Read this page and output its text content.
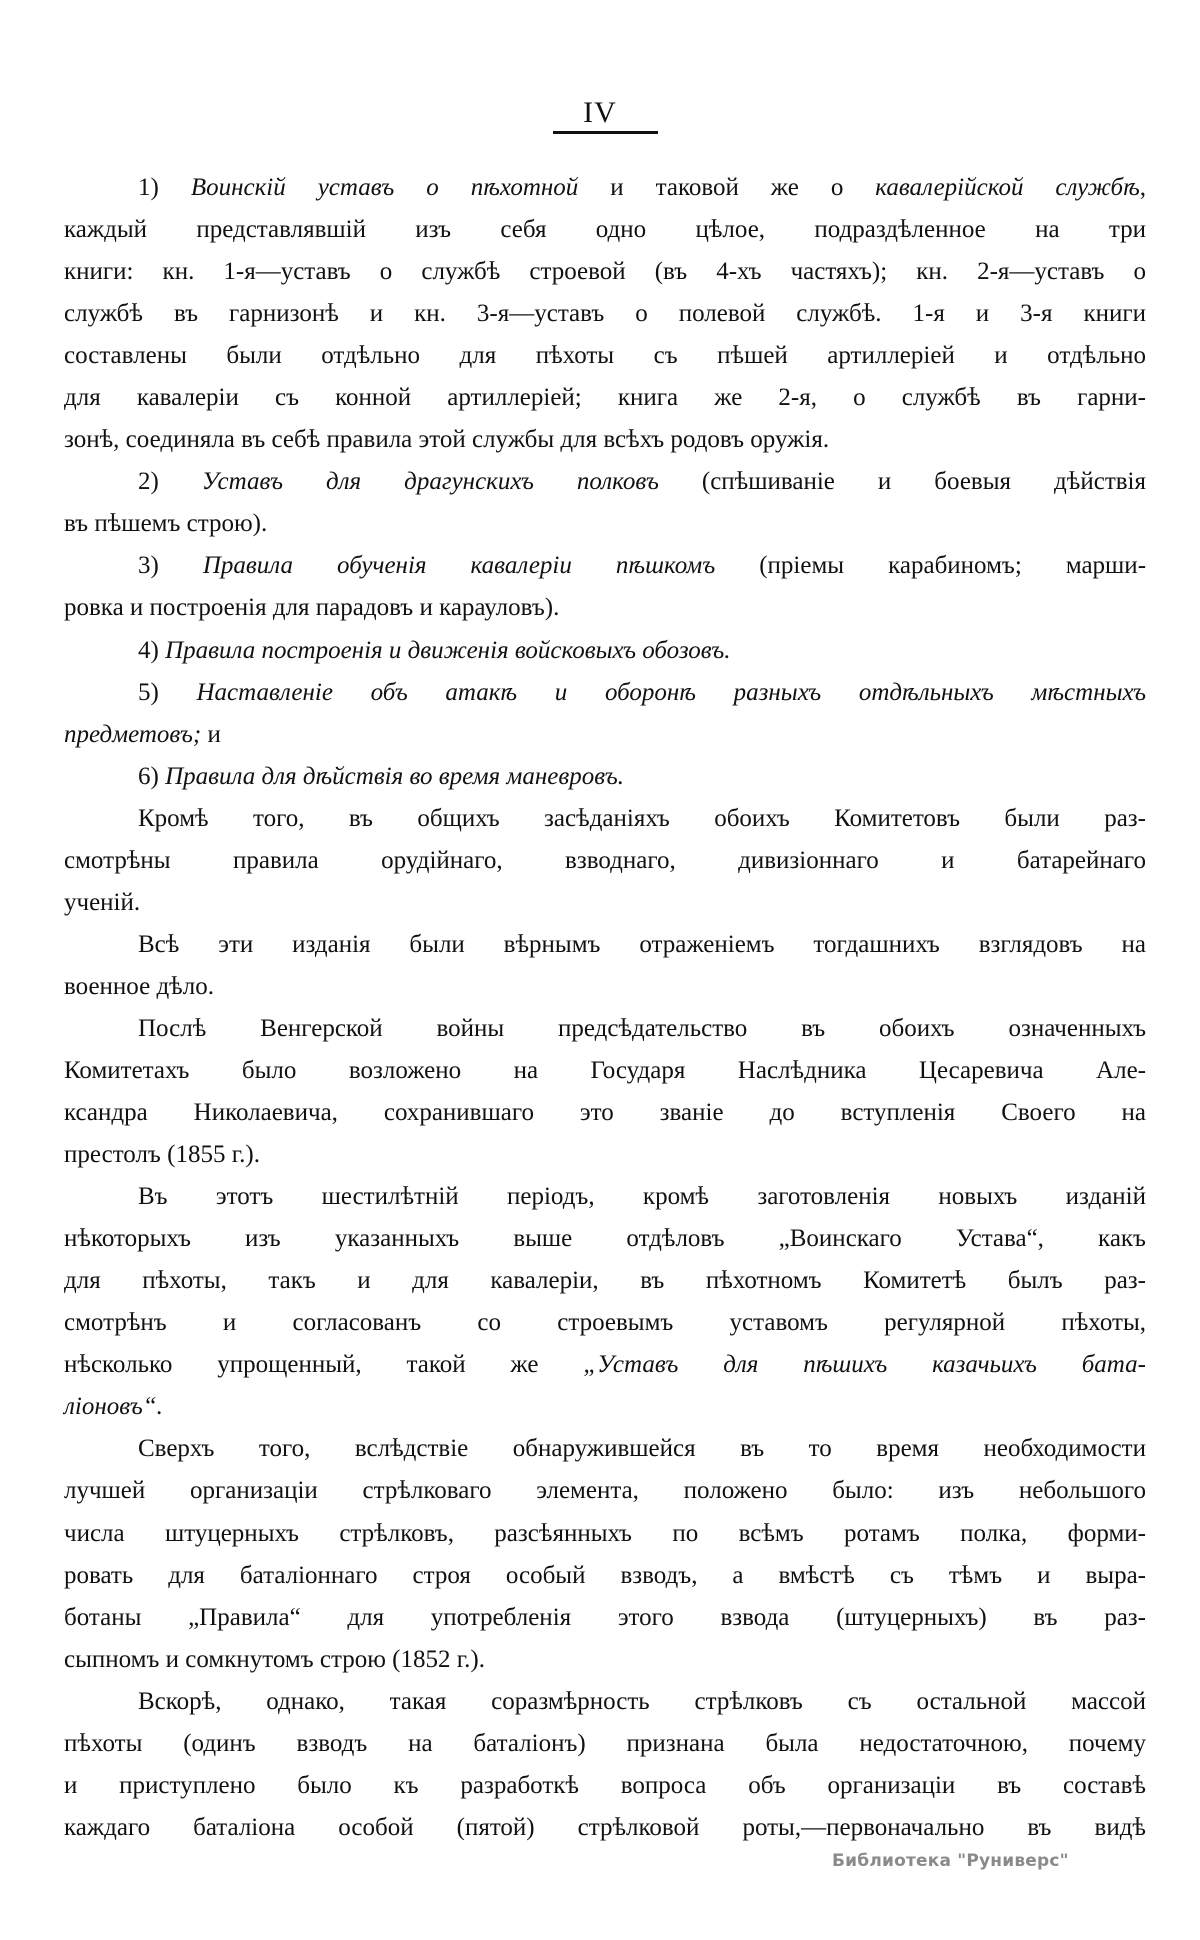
IV
1) Воинскій уставъ о пѣхотной и таковой же о кавалерійской службѣ,
каждый представлявшій изъ себя одно цѣлое, подраздѣленное на три
книги: кн. 1-я—уставъ о службѣ строевой (въ 4-хъ частяхъ); кн. 2-я—уставъ о
службѣ въ гарнизонѣ и кн. 3-я—уставъ о полевой службѣ. 1-я и 3-я книги
составлены были отдѣльно для пѣхоты съ пѣшей артиллеріей и отдѣльно
для кавалеріи съ конной артиллеріей; книга же 2-я, о службѣ въ гарни-
зонѣ, соединяла въ себѣ правила этой службы для всѣхъ родовъ оружія.
2) Уставъ для драгунскихъ полковъ (спѣшиваніе и боевыя дѣйствія
въ пѣшемъ строю).
3) Правила обученія кавалеріи пѣшкомъ (пріемы карабиномъ; марши-
ровка и построенія для парадовъ и карауловъ).
4) Правила построенія и движенія войсковыхъ обозовъ.
5) Наставленіе объ атакѣ и оборонѣ разныхъ отдѣльныхъ мѣстныхъ
предметовъ; и
6) Правила для дѣйствія во время маневровъ.
Кромѣ того, въ общихъ засѣданіяхъ обоихъ Комитетовъ были раз-
смотрѣны правила орудійнаго, взводнаго, дивизіоннаго и батарейнаго
ученій.
Всѣ эти изданія были вѣрнымъ отраженіемъ тогдашнихъ взглядовъ на
военное дѣло.
Послѣ Венгерской войны предсѣдательство въ обоихъ означенныхъ
Комитетахъ было возложено на Государя Наслѣдника Цесаревича Але-
ксандра Николаевича, сохранившаго это званіе до вступленія Своего на
престолъ (1855 г.).
Въ этотъ шестилѣтній періодъ, кромѣ заготовленія новыхъ изданій
нѣкоторыхъ изъ указанныхъ выше отдѣловъ „Воинскаго Устава“, какъ
для пѣхоты, такъ и для кавалеріи, въ пѣхотномъ Комитетѣ былъ раз-
смотрѣнъ и согласованъ со строевымъ уставомъ регулярной пѣхоты,
нѣсколько упрощенный, такой же „Уставъ для пѣшихъ казачьихъ бата-
ліоновъ“.
Сверхъ того, вслѣдствіе обнаружившейся въ то время необходимости
лучшей организаціи стрѣлковаго элемента, положено было: изъ небольшого
числа штуцерныхъ стрѣлковъ, разсѣянныхъ по всѣмъ ротамъ полка, форми-
ровать для баталіоннаго строя особый взводъ, а вмѣстѣ съ тѣмъ и выра-
ботаны „Правила“ для употребленія этого взвода (штуцерныхъ) въ раз-
сыпномъ и сомкнутомъ строю (1852 г.).
Вскорѣ, однако, такая соразмѣрность стрѣлковъ съ остальной массой
пѣхоты (одинъ взводъ на баталіонъ) признана была недостаточною, почему
и приступлено было къ разработкѣ вопроса объ организаціи въ составѣ
каждаго баталіона особой (пятой) стрѣлковой роты,—первоначально въ видѣ
Библиотека "Руниверс"
